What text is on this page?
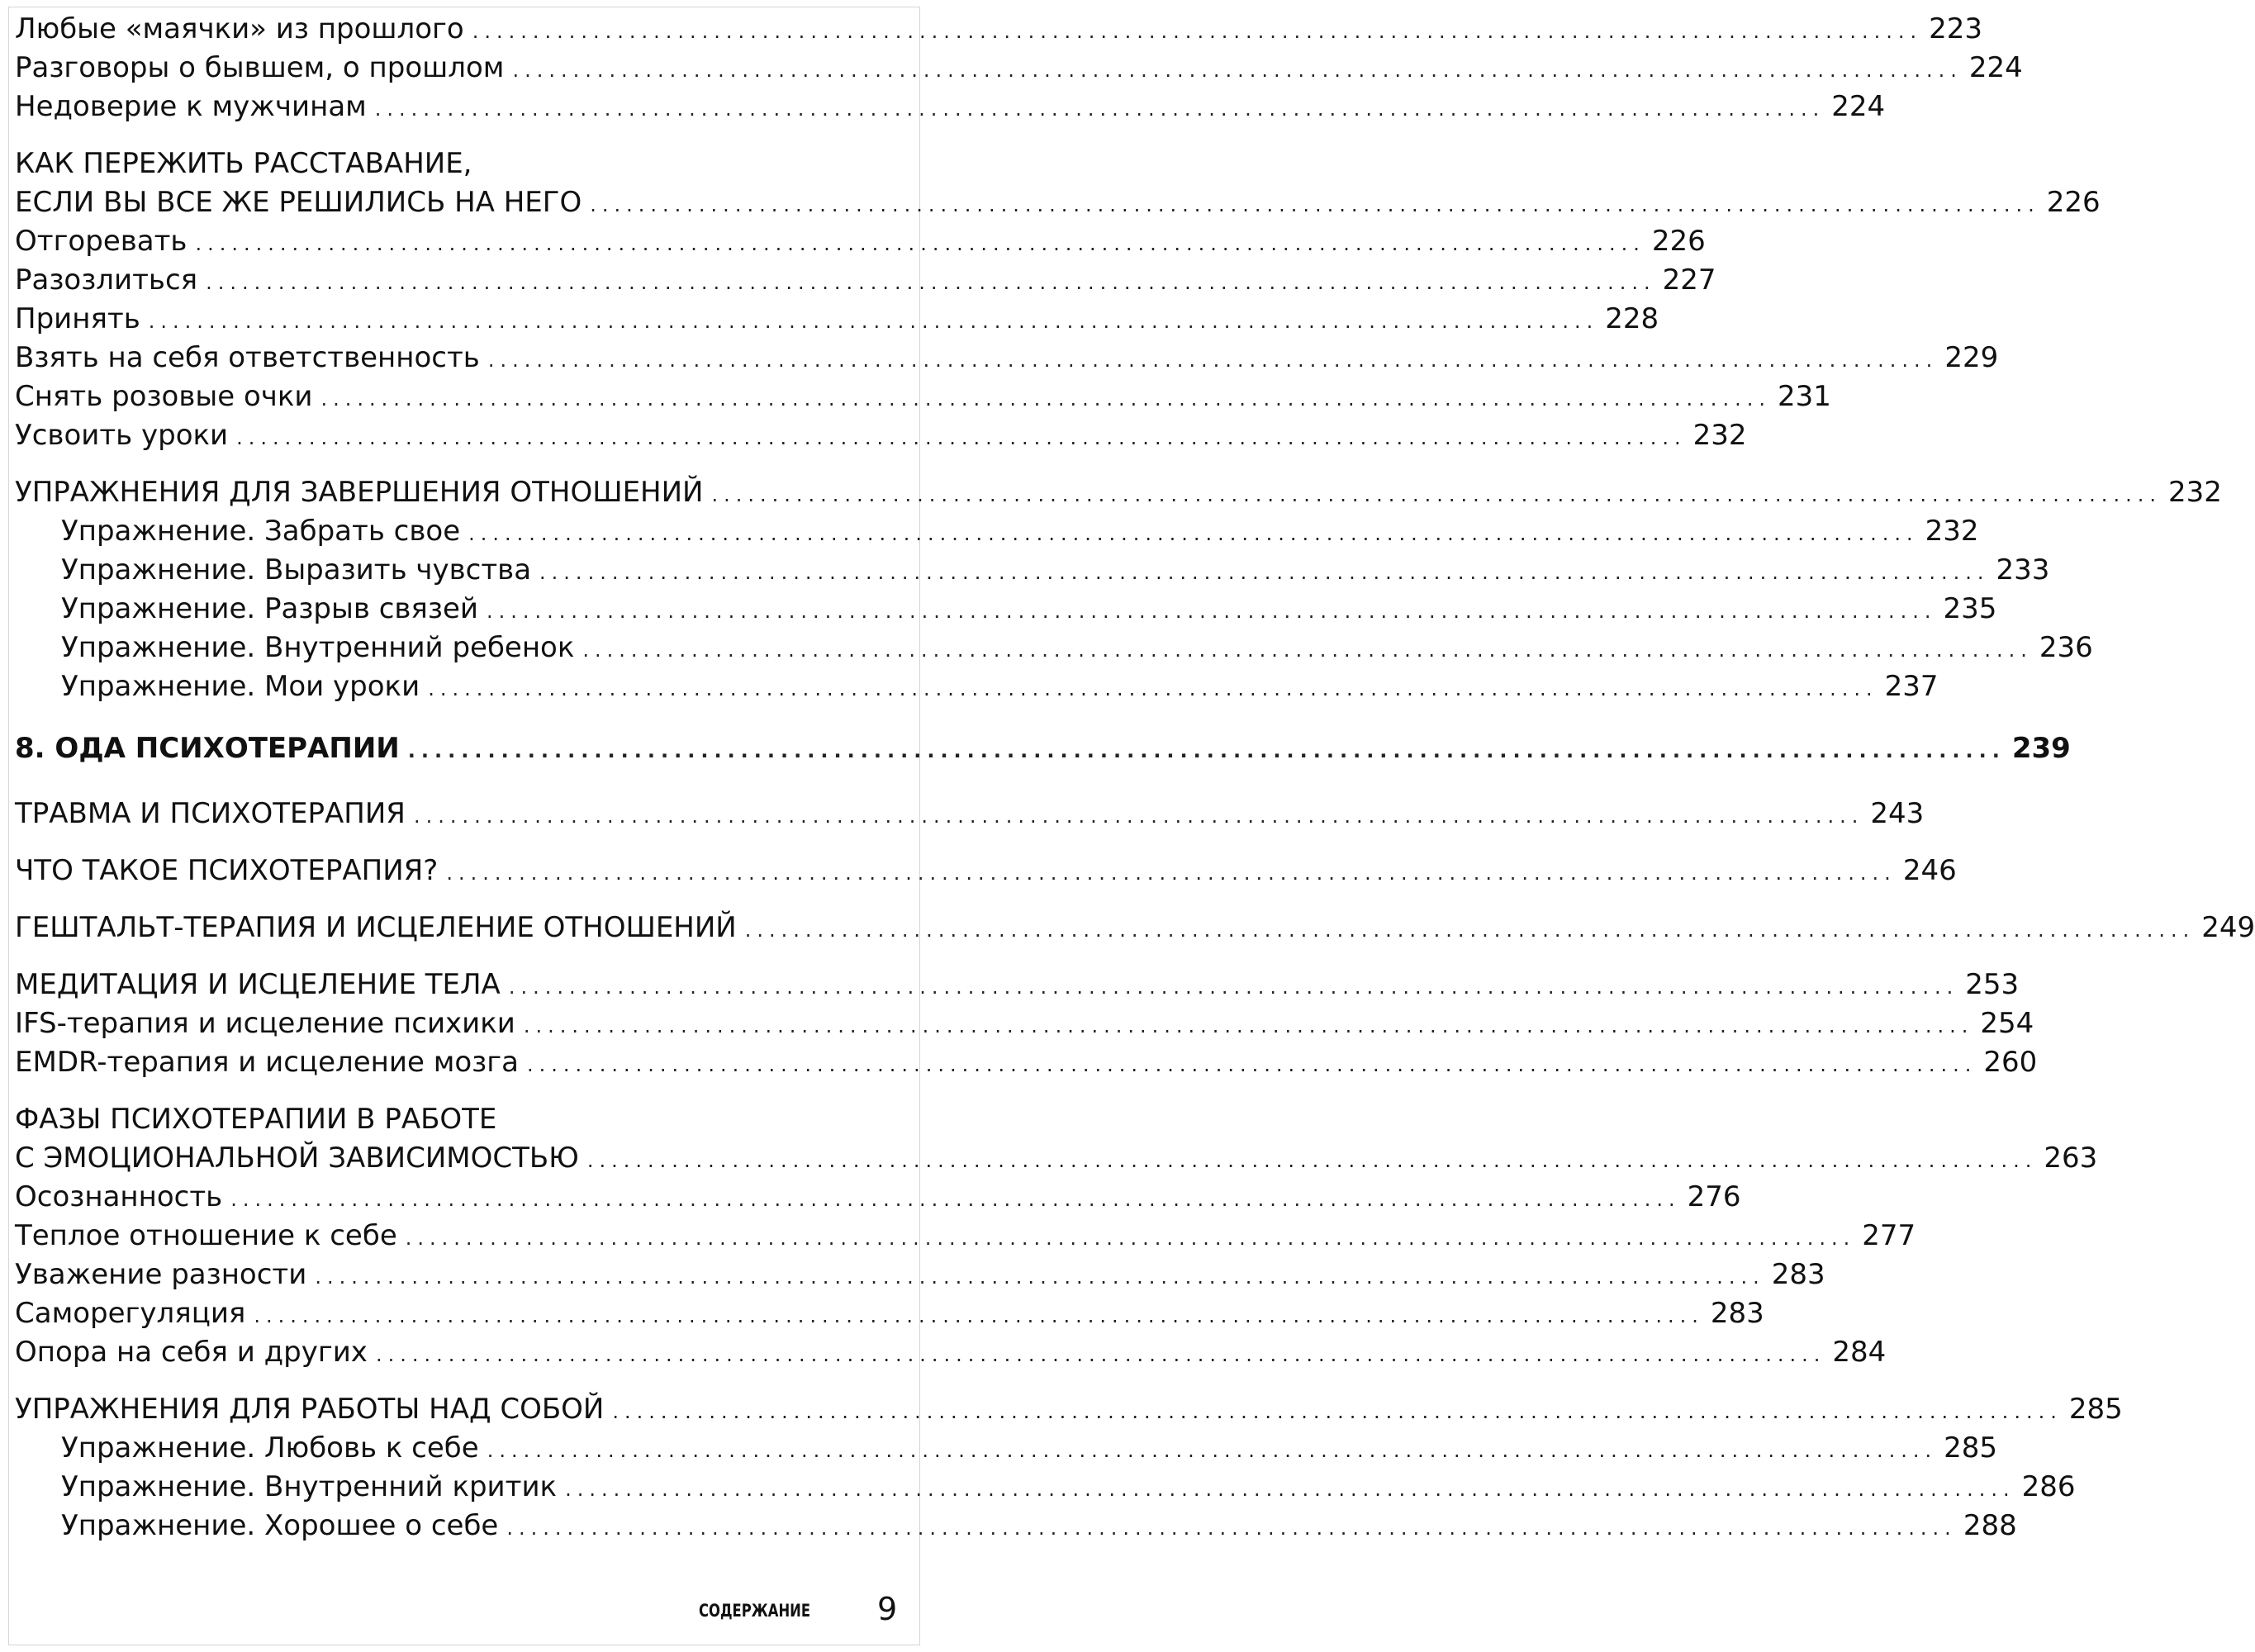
Любые «маячки» из прошлого ........................................................................................................................ 223
Разговоры о бывшем, о прошлом ........................................................................................................................ 224
Недоверие к мужчинам ........................................................................................................................ 224
КАК ПЕРЕЖИТЬ РАССТАВАНИЕ,
ЕСЛИ ВЫ ВСЕ ЖЕ РЕШИЛИСЬ НА НЕГО ........................................................................................................................ 226
Отгоревать ........................................................................................................................ 226
Разозлиться ........................................................................................................................ 227
Принять ........................................................................................................................ 228
Взять на себя ответственность ........................................................................................................................ 229
Снять розовые очки ........................................................................................................................ 231
Усвоить уроки ........................................................................................................................ 232
УПРАЖНЕНИЯ ДЛЯ ЗАВЕРШЕНИЯ ОТНОШЕНИЙ ........................................................................................................................ 232
Упражнение. Забрать свое ........................................................................................................................ 232
Упражнение. Выразить чувства ........................................................................................................................ 233
Упражнение. Разрыв связей ........................................................................................................................ 235
Упражнение. Внутренний ребенок ........................................................................................................................ 236
Упражнение. Мои уроки ........................................................................................................................ 237
8. ОДА ПСИХОТЕРАПИИ ........................................................................................................................ 239
ТРАВМА И ПСИХОТЕРАПИЯ ........................................................................................................................ 243
ЧТО ТАКОЕ ПСИХОТЕРАПИЯ? ........................................................................................................................ 246
ГЕШТАЛЬТ-ТЕРАПИЯ И ИСЦЕЛЕНИЕ ОТНОШЕНИЙ ........................................................................................................................ 249
МЕДИТАЦИЯ И ИСЦЕЛЕНИЕ ТЕЛА ........................................................................................................................ 253
IFS-терапия и исцеление психики ........................................................................................................................ 254
EMDR-терапия и исцеление мозга ........................................................................................................................ 260
ФАЗЫ ПСИХОТЕРАПИИ В РАБОТЕ
С ЭМОЦИОНАЛЬНОЙ ЗАВИСИМОСТЬЮ ........................................................................................................................ 263
Осознанность ........................................................................................................................ 276
Теплое отношение к себе ........................................................................................................................ 277
Уважение разности ........................................................................................................................ 283
Саморегуляция ........................................................................................................................ 283
Опора на себя и других ........................................................................................................................ 284
УПРАЖНЕНИЯ ДЛЯ РАБОТЫ НАД СОБОЙ ........................................................................................................................ 285
Упражнение. Любовь к себе ........................................................................................................................ 285
Упражнение. Внутренний критик ........................................................................................................................ 286
Упражнение. Хорошее о себе ........................................................................................................................ 288
СОДЕРЖАНИЕ 9
